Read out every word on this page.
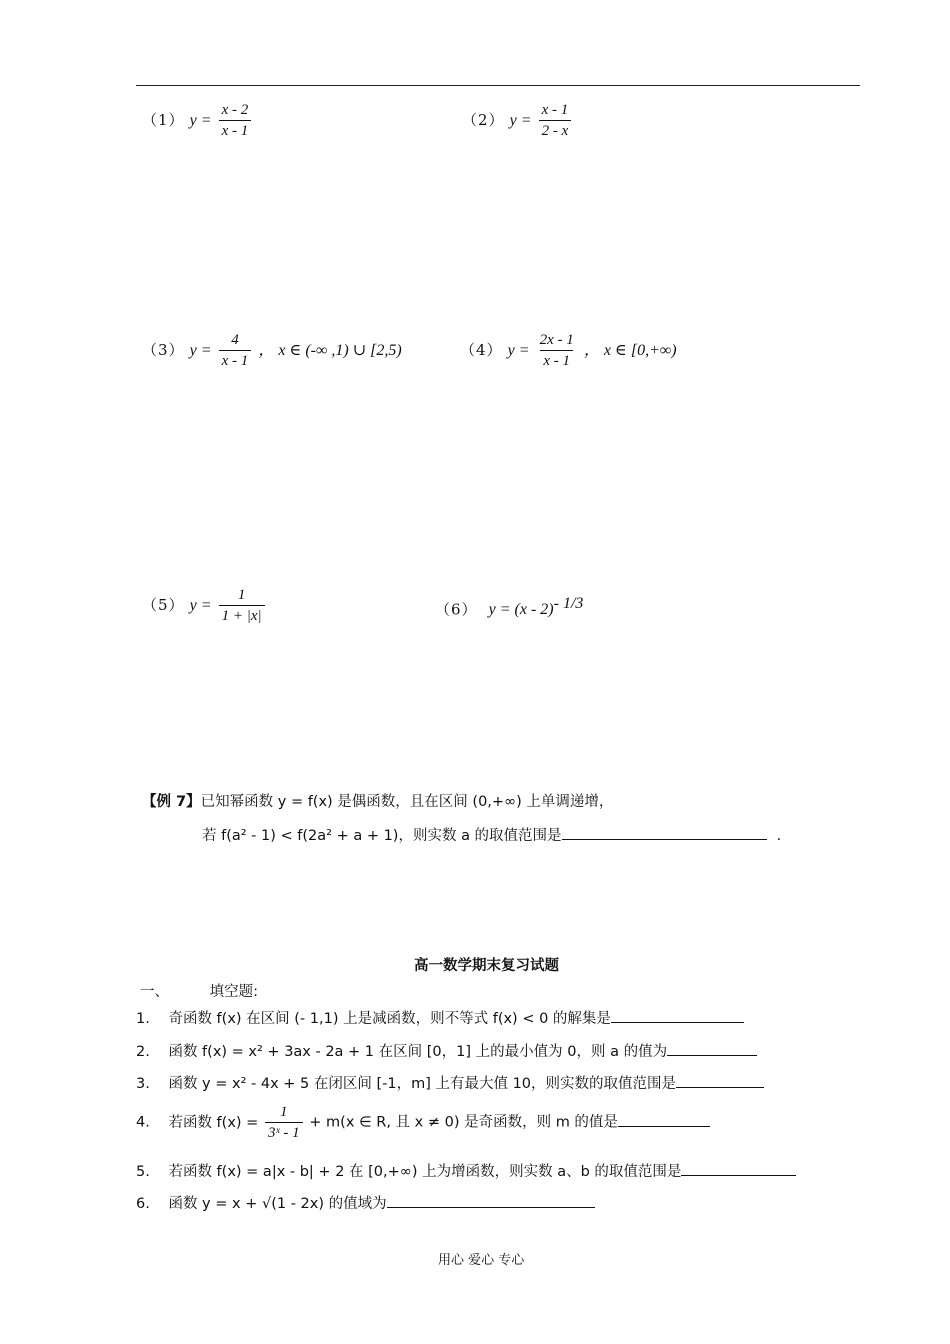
（1） $y = \frac{x - 2}{x - 1}$	（2） $y = \frac{x - 1}{2 - x}$
（3） $y = \frac{4}{x - 1}$ ， x ∈ (-∞ ,1) ∪ [2,5)	（4） $y = \frac{2x - 1}{x - 1}$ ， x ∈ [0,+∞)
（5） $y = \frac{1}{1 + |x|}$	（6） y = (x - 2)$^{- 1/3}$
【例 7】已知幂函数 y = f(x) 是偶函数，且在区间 (0,+∞) 上单调递增，
若 f(a² - 1) < f(2a² + a + 1)，则实数 a 的取值范围是	.
高一数学期末复习试题
一、	填空题:
1. 奇函数 f(x) 在区间 (- 1,1) 上是减函数，则不等式 f(x) < 0 的解集是
2. 函数 f(x) = x² + 3ax - 2a + 1 在区间 [0，1] 上的最小值为 0，则 a 的值为
3. 函数 y = x² - 4x + 5 在闭区间 [-1，m] 上有最大值 10，则实数的取值范围是
4. 若函数 $f(x) = \frac{1}{\text{3ˣ - 1}} + m(x$ ∈ R, 且 x ≠ 0) 是奇函数，则 m 的值是
5. 若函数 f(x) = a|x - b| + 2 在 [0,+∞) 上为增函数，则实数 a、b 的取值范围是
6. 函数 y = x + √(1 - 2x) 的值域为
用心 爱心 专心
